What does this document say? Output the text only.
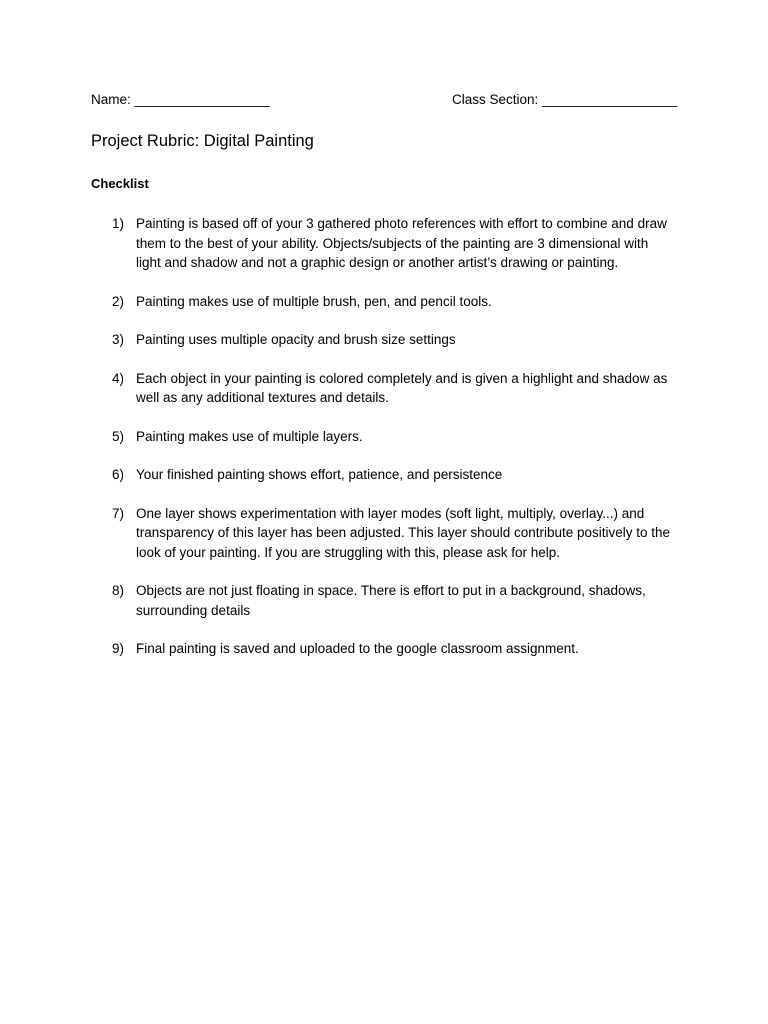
Name: __________________	Class Section: __________________
Project Rubric: Digital Painting
Checklist
1) Painting is based off of your 3 gathered photo references with effort to combine and draw them to the best of your ability. Objects/subjects of the painting are 3 dimensional with light and shadow and not a graphic design or another artist’s drawing or painting.
2) Painting makes use of multiple brush, pen, and pencil tools.
3) Painting uses multiple opacity and brush size settings
4) Each object in your painting is colored completely and is given a highlight and shadow as well as any additional textures and details.
5) Painting makes use of multiple layers.
6) Your finished painting shows effort, patience, and persistence
7) One layer shows experimentation with layer modes (soft light, multiply, overlay...) and transparency of this layer has been adjusted. This layer should contribute positively to the look of your painting. If you are struggling with this, please ask for help.
8) Objects are not just floating in space. There is effort to put in a background, shadows, surrounding details
9) Final painting is saved and uploaded to the google classroom assignment.
